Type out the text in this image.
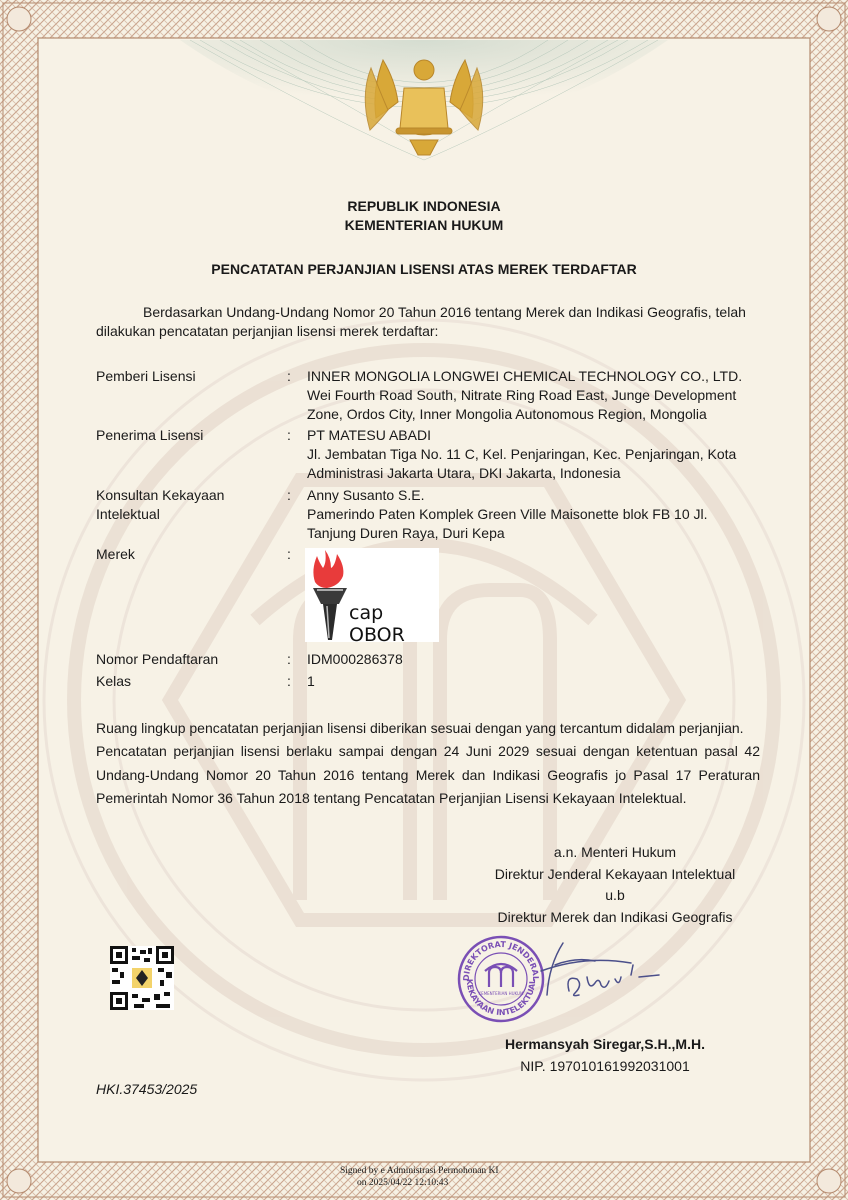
REPUBLIK INDONESIA
KEMENTERIAN HUKUM
PENCATATAN PERJANJIAN LISENSI ATAS MEREK TERDAFTAR
Berdasarkan Undang-Undang Nomor 20 Tahun 2016 tentang Merek dan Indikasi Geografis, telah dilakukan pencatatan perjanjian lisensi merek terdaftar:
Pemberi Lisensi	: INNER MONGOLIA LONGWEI CHEMICAL TECHNOLOGY CO., LTD.
Wei Fourth Road South, Nitrate Ring Road East, Junge Development Zone, Ordos City, Inner Mongolia Autonomous Region, Mongolia
Penerima Lisensi	: PT MATESU ABADI
Jl. Jembatan Tiga No. 11 C, Kel. Penjaringan, Kec. Penjaringan, Kota Administrasi Jakarta Utara, DKI Jakarta, Indonesia
Konsultan Kekayaan
Intelektual
: Anny Susanto S.E.
Pamerindo Paten Komplek Green Ville Maisonette blok FB 10 Jl. Tanjung Duren Raya, Duri Kepa
Merek	:
cap OBOR
Nomor Pendaftaran	: IDM000286378
Kelas	: 1
Ruang lingkup pencatatan perjanjian lisensi diberikan sesuai dengan yang tercantum didalam perjanjian.
Pencatatan perjanjian lisensi berlaku sampai dengan 24 Juni 2029 sesuai dengan ketentuan pasal 42 Undang-Undang Nomor 20 Tahun 2016 tentang Merek dan Indikasi Geografis jo Pasal 17 Peraturan Pemerintah Nomor 36 Tahun 2018 tentang Pencatatan Perjanjian Lisensi Kekayaan Intelektual.
a.n. Menteri Hukum
Direktur Jenderal Kekayaan Intelektual
u.b
Direktur Merek dan Indikasi Geografis
DIREKTORAT JENDERAL
KEKAYAAN INTELEKTUAL
KEMENTERIAN HUKUM
Hermansyah Siregar,S.H.,M.H.
NIP. 197010161992031001
HKI.37453/2025
Signed by e Administrasi Permohonan KI
on 2025/04/22 12:10:43
